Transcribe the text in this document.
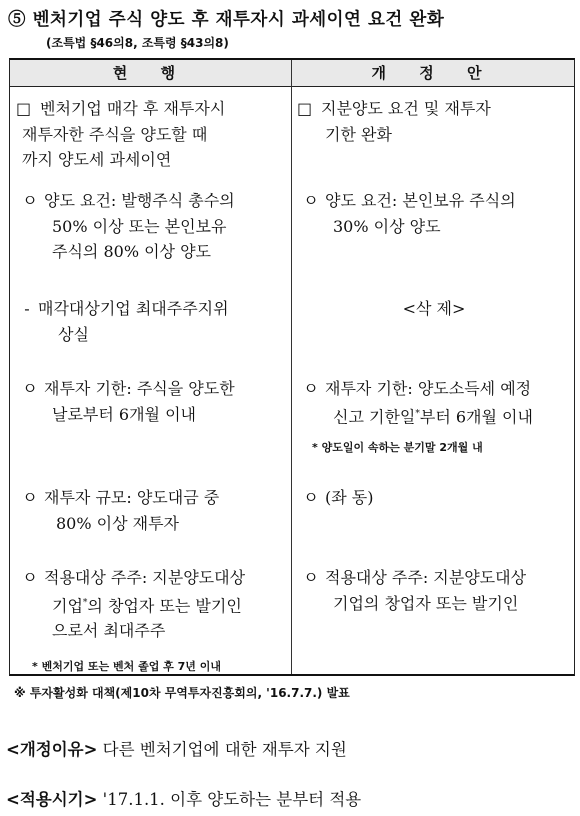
⑤ 벤처기업 주식 양도 후 재투자시 과세이연 요건 완화
(조특법 §46의8, 조특령 §43의8)
현 행	개 정 안
□ 벤처기업 매각 후 재투자시
재투자한 주식을 양도할 때
까지 양도세 과세이연
□ 지분양도 요건 및 재투자
기한 완화
ㅇ 양도 요건: 발행주식 총수의
50% 이상 또는 본인보유
주식의 80% 이상 양도
ㅇ 양도 요건: 본인보유 주식의
30% 이상 양도
- 매각대상기업 최대주주지위
상실
<삭 제>
ㅇ 재투자 기한: 주식을 양도한
날로부터 6개월 이내
ㅇ 재투자 기한: 양도소득세 예정
신고 기한일*부터 6개월 이내
* 양도일이 속하는 분기말 2개월 내
ㅇ 재투자 규모: 양도대금 중
80% 이상 재투자
ㅇ (좌 동)
ㅇ 적용대상 주주: 지분양도대상
기업*의 창업자 또는 발기인
으로서 최대주주
ㅇ 적용대상 주주: 지분양도대상
기업의 창업자 또는 발기인
* 벤처기업 또는 벤처 졸업 후 7년 이내
※ 투자활성화 대책(제10차 무역투자진흥회의, '16.7.7.) 발표
<개정이유> 다른 벤처기업에 대한 재투자 지원
<적용시기> '17.1.1. 이후 양도하는 분부터 적용
